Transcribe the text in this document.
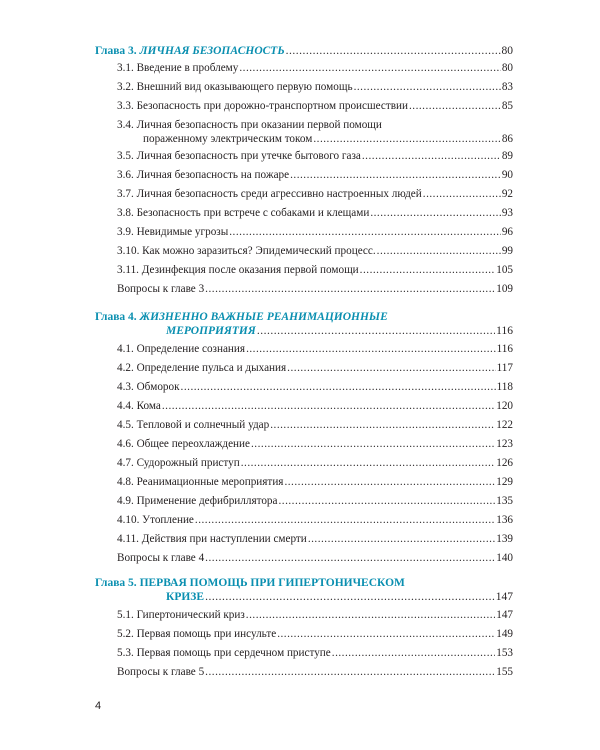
Глава 3.
ЛИЧНАЯ БЕЗОПАСНОСТЬ .....	80
3.1.
Введение в проблему .....	80
3.2.
Внешний вид оказывающего первую помощь .....	83
3.3.
Безопасность при дорожно-транспортном происшествии .....	85
3.4. Личная безопасность при оказании первой помощи
пораженному электрическим током .....	86
3.5.
Личная безопасность при утечке бытового газа .....	89
3.6.
Личная безопасность на пожаре .....	90
3.7.
Личная безопасность среди агрессивно настроенных людей .....	92
3.8.
Безопасность при встрече с собаками и клещами .....	93
3.9.
Невидимые угрозы .....	96
3.10.
Как можно заразиться? Эпидемический процесс. .....	99
3.11.
Дезинфекция после оказания первой помощи .....	105
Вопросы к главе 3 .....	109
Глава 4.
ЖИЗНЕННО ВАЖНЫЕ РЕАНИМАЦИОННЫЕ
МЕРОПРИЯТИЯ .....	116
4.1.
Определение сознания .....	116
4.2.
Определение пульса и дыхания .....	117
4.3.
Обморок .....	118
4.4.
Кома .....	120
4.5.
Тепловой и солнечный удар .....	122
4.6.
Общее переохлаждение .....	123
4.7.
Судорожный приступ .....	126
4.8.
Реанимационные мероприятия .....	129
4.9.
Применение дефибриллятора .....	135
4.10.
Утопление .....	136
4.11.
Действия при наступлении смерти .....	139
Вопросы к главе 4 .....	140
Глава 5.
ПЕРВАЯ ПОМОЩЬ ПРИ ГИПЕРТОНИЧЕСКОМ
КРИЗЕ .....	147
5.1.
Гипертонический криз .....	147
5.2.
Первая помощь при инсульте .....	149
5.3.
Первая помощь при сердечном приступе .....	153
Вопросы к главе 5 .....	155
4
